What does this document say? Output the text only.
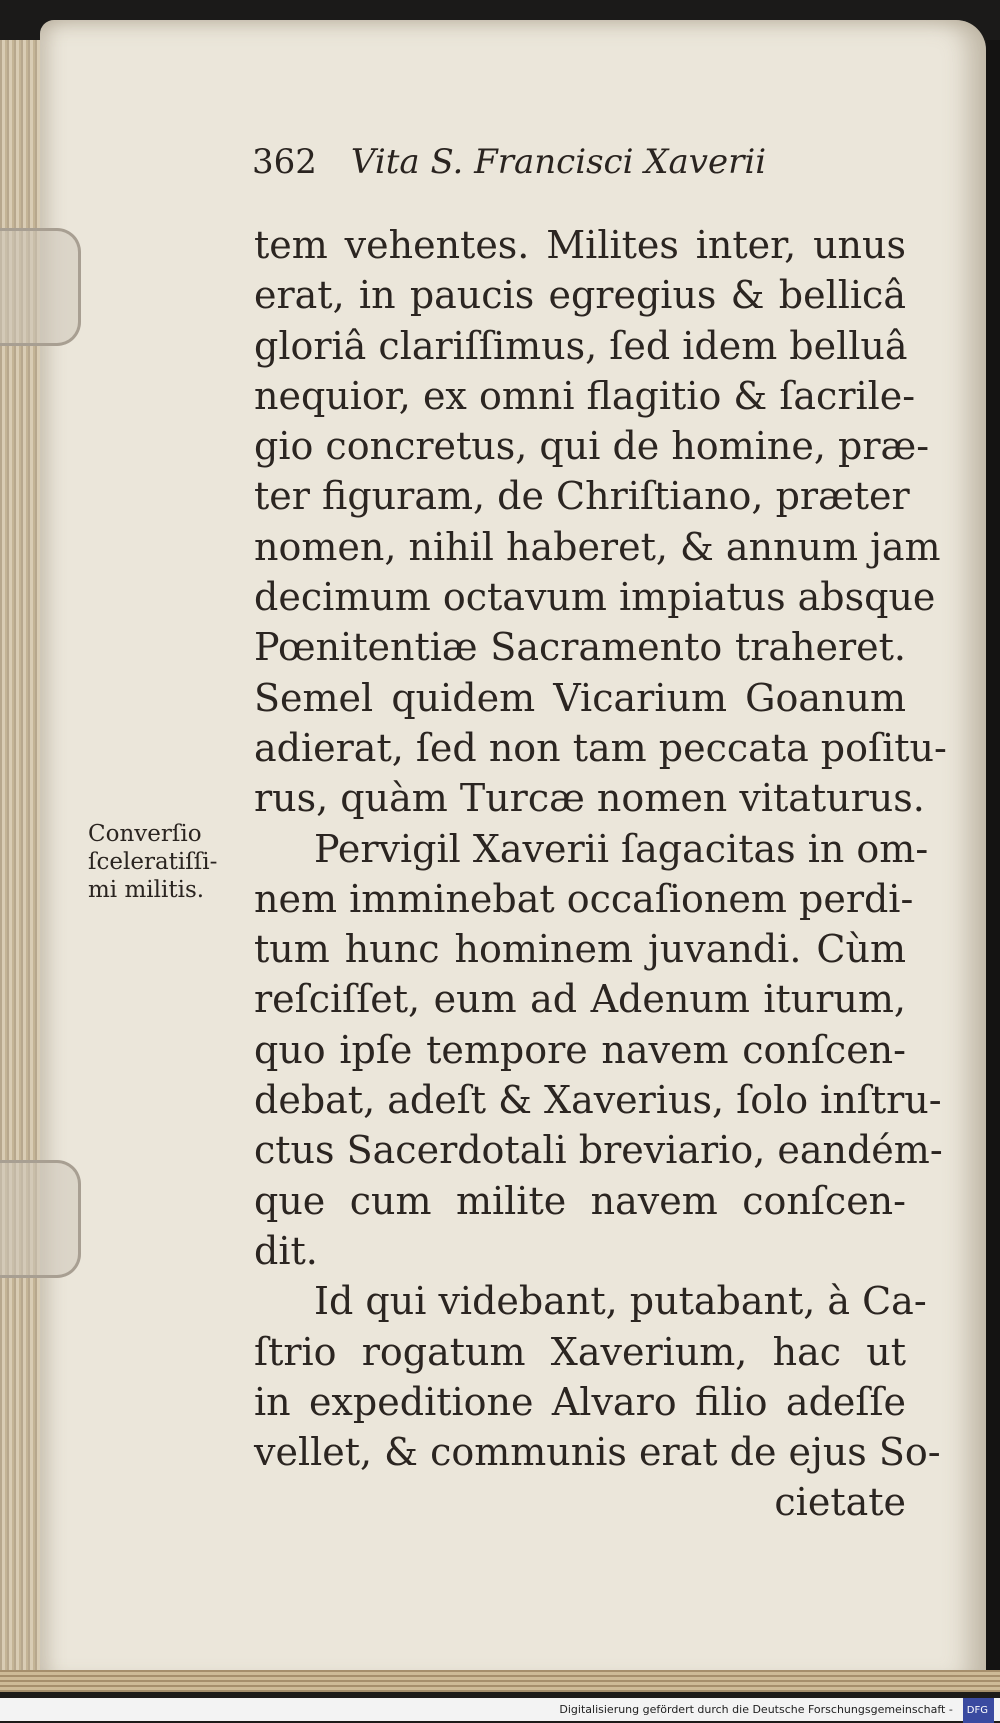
362 Vita S. Francisci Xaverii
Converſio
ſceleratiſſi-
mi militis.
tem vehentes. Milites inter, unus
erat, in paucis egregius & bellicâ
gloriâ clariſſimus, ſed idem belluâ
nequior, ex omni flagitio & ſacrile-
gio concretus, qui de homine, præ-
ter figuram, de Chriſtiano, præter
nomen, nihil haberet, & annum jam
decimum octavum impiatus absque
Pœnitentiæ Sacramento traheret.
Semel quidem Vicarium Goanum
adierat, ſed non tam peccata poſitu-
rus, quàm Turcæ nomen vitaturus.
Pervigil Xaverii ſagacitas in om-
nem imminebat occaſionem perdi-
tum hunc hominem juvandi. Cùm
reſciſſet, eum ad Adenum iturum,
quo ipſe tempore navem conſcen-
debat, adeſt & Xaverius, ſolo inſtru-
ctus Sacerdotali breviario, eandém-
que cum milite navem conſcen-
dit.
Id qui videbant, putabant, à Ca-
ſtrio rogatum Xaverium, hac ut
in expeditione Alvaro filio adeſſe
vellet, & communis erat de ejus So-
cietate
Digitalisierung gefördert durch die Deutsche Forschungsgemeinschaft - DFG
